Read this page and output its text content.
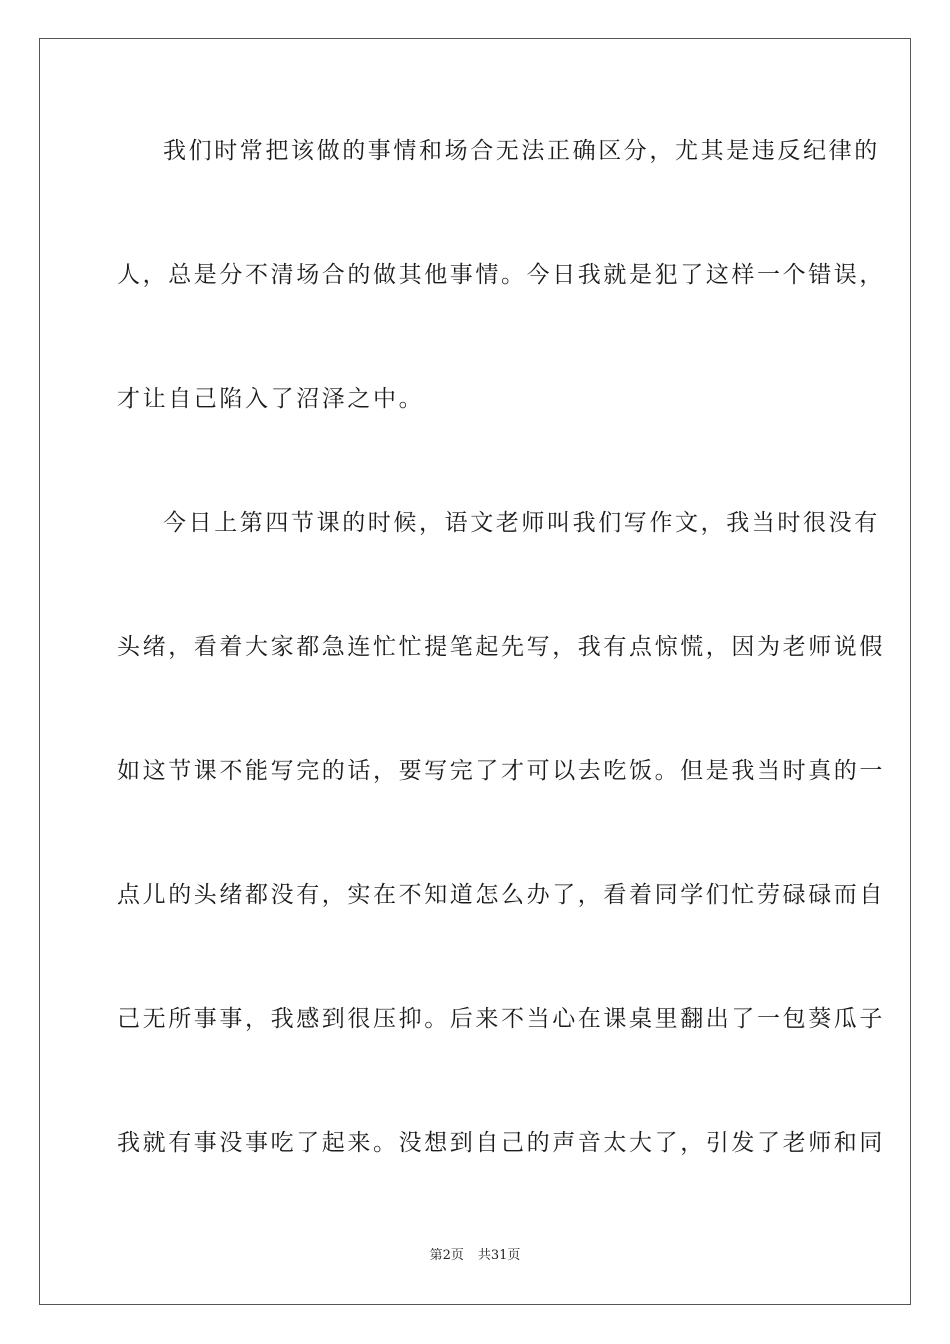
我们时常把该做的事情和场合无法正确区分，尤其是违反纪律的
人，总是分不清场合的做其他事情。今日我就是犯了这样一个错误，
才让自己陷入了沼泽之中。
今日上第四节课的时候，语文老师叫我们写作文，我当时很没有
头绪，看着大家都急连忙忙提笔起先写，我有点惊慌，因为老师说假
如这节课不能写完的话，要写完了才可以去吃饭。但是我当时真的一
点儿的头绪都没有，实在不知道怎么办了，看着同学们忙劳碌碌而自
己无所事事，我感到很压抑。后来不当心在课桌里翻出了一包葵瓜子
我就有事没事吃了起来。没想到自己的声音太大了，引发了老师和同
第2页 共31页
